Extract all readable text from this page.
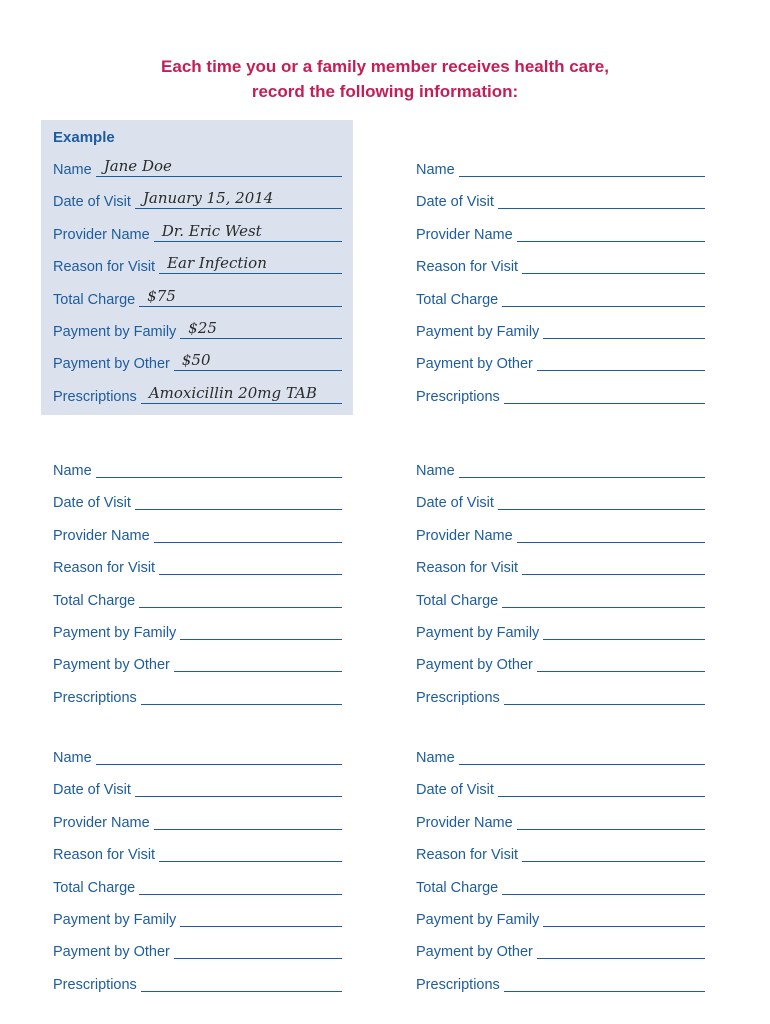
Each time you or a family member receives health care,
record the following information:
Example
Name Jane Doe
Date of Visit January 15, 2014
Provider Name Dr. Eric West
Reason for Visit Ear Infection
Total Charge $75
Payment by Family $25
Payment by Other $50
Prescriptions Amoxicillin 20mg TAB
Name
Date of Visit
Provider Name
Reason for Visit
Total Charge
Payment by Family
Payment by Other
Prescriptions
Name
Date of Visit
Provider Name
Reason for Visit
Total Charge
Payment by Family
Payment by Other
Prescriptions
Name
Date of Visit
Provider Name
Reason for Visit
Total Charge
Payment by Family
Payment by Other
Prescriptions
Name
Date of Visit
Provider Name
Reason for Visit
Total Charge
Payment by Family
Payment by Other
Prescriptions
Name
Date of Visit
Provider Name
Reason for Visit
Total Charge
Payment by Family
Payment by Other
Prescriptions
